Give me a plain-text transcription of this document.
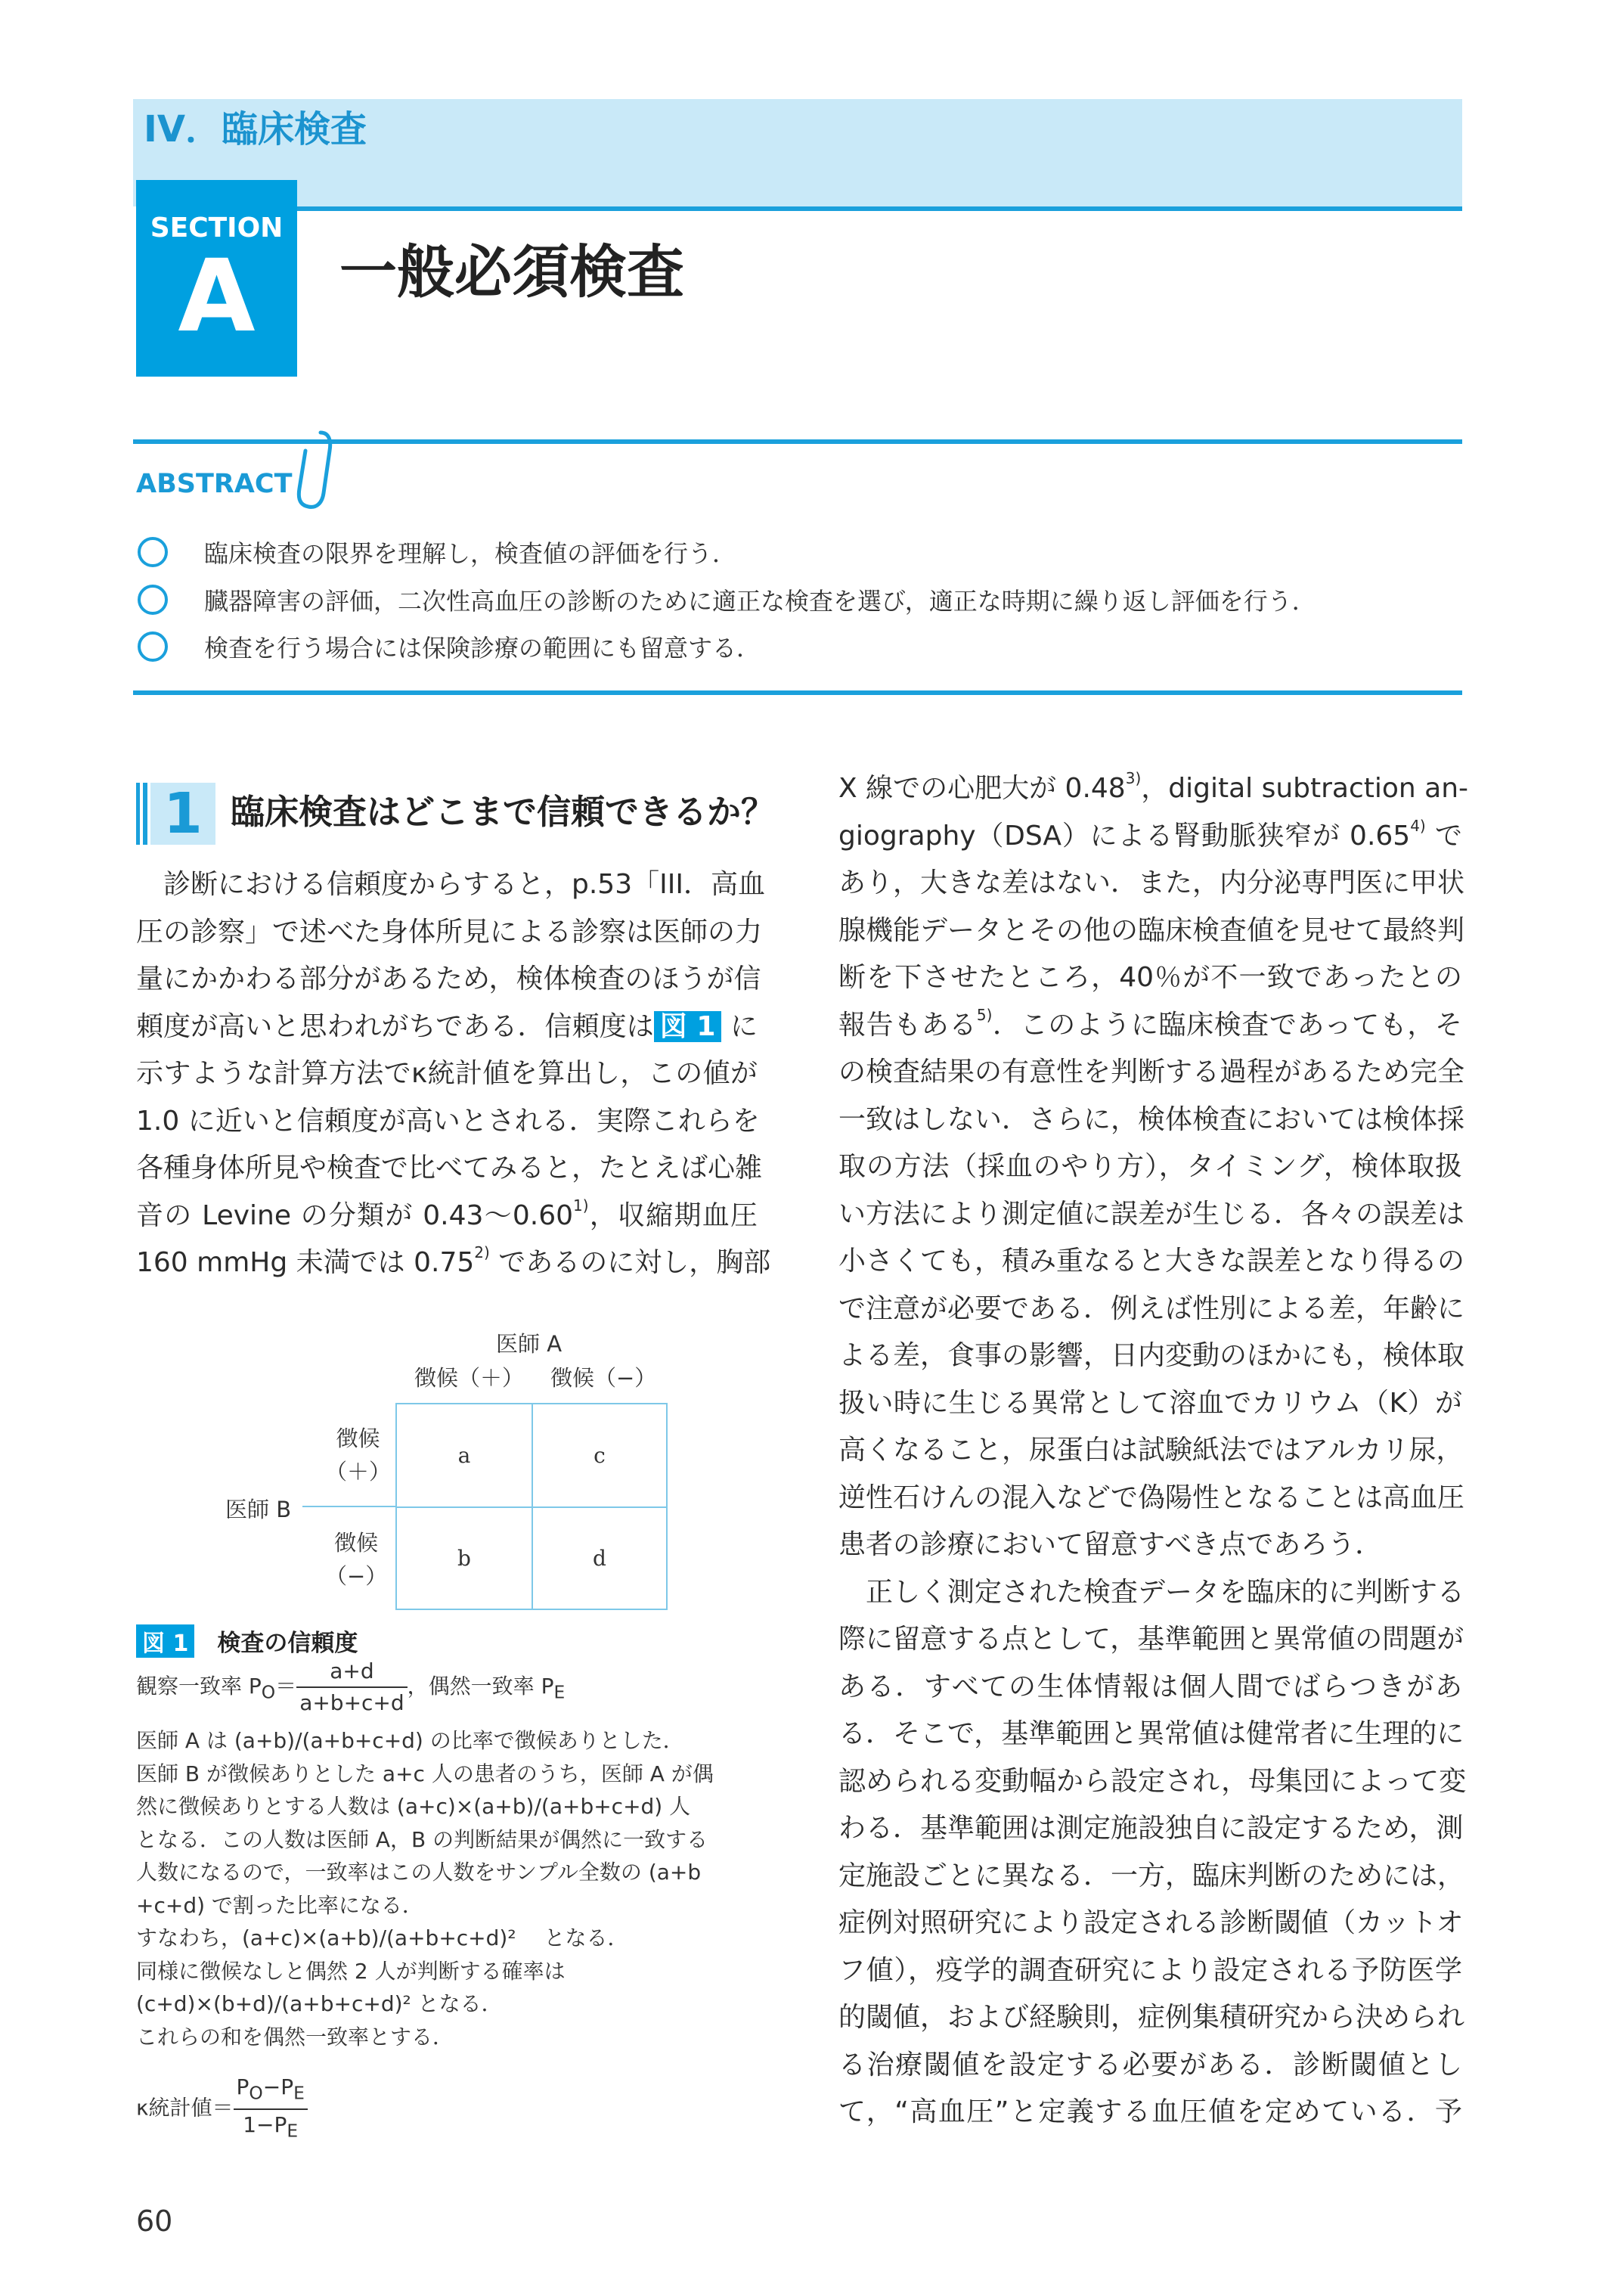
IV．臨床検査
SECTION
A	一般必須検査
ABSTRACT
臨床検査の限界を理解し，検査値の評価を行う．
臓器障害の評価，二次性高血圧の診断のために適正な検査を選び，適正な時期に繰り返し評価を行う．
検査を行う場合には保険診療の範囲にも留意する．
1 臨床検査はどこまで信頼できるか？
　診断における信頼度からすると，p.53「III．高血
圧の診察」で述べた身体所見による診察は医師の力
量にかかわる部分があるため，検体検査のほうが信
頼度が高いと思われがちである．信頼度は 図 1 に
示すような計算方法でκ統計値を算出し，この値が
1.0 に近いと信頼度が高いとされる．実際これらを
各種身体所見や検査で比べてみると，たとえば心雑
音の Levine の分類が 0.43〜0.60$^{1)}$，収縮期血圧
160 mmHg 未満では 0.75$^{2)}$ であるのに対し，胸部
X 線での心肥大が 0.48$^{3)}$，digital subtraction an-
giography（DSA）による腎動脈狭窄が 0.65$^{4)}$ で
あり，大きな差はない．また，内分泌専門医に甲状
腺機能データとその他の臨床検査値を見せて最終判
断を下させたところ，40％が不一致であったとの
報告もある$^{5)}$．このように臨床検査であっても，そ
の検査結果の有意性を判断する過程があるため完全
一致はしない．さらに，検体検査においては検体採
取の方法（採血のやり方），タイミング，検体取扱
い方法により測定値に誤差が生じる．各々の誤差は
小さくても，積み重なると大きな誤差となり得るの
で注意が必要である．例えば性別による差，年齢に
よる差，食事の影響，日内変動のほかにも，検体取
扱い時に生じる異常として溶血でカリウム（K）が
高くなること，尿蛋白は試験紙法ではアルカリ尿，
逆性石けんの混入などで偽陽性となることは高血圧
患者の診療において留意すべき点であろう．
　正しく測定された検査データを臨床的に判断する
際に留意する点として，基準範囲と異常値の問題が
ある．すべての生体情報は個人間でばらつきがあ
る．そこで，基準範囲と異常値は健常者に生理的に
認められる変動幅から設定され，母集団によって変
わる．基準範囲は測定施設独自に設定するため，測
定施設ごとに異なる．一方，臨床判断のためには，
症例対照研究により設定される診断閾値（カットオ
フ値），疫学的調査研究により設定される予防医学
的閾値，および経験則，症例集積研究から決められ
る治療閾値を設定する必要がある．診断閾値とし
て，“高血圧”と定義する血圧値を定めている．予
医師 A
徴候（＋） 徴候（−）
徴候
（＋）
徴候
（−）
医師 B
a	c
b	d
図 1 検査の信頼度
観察一致率 $P_O= \frac{a+d}{a+b+c+d}$ ，偶然一致率 $P_E$
医師 A は (a+b)/(a+b+c+d) の比率で徴候ありとした．
医師 B が徴候ありとした a+c 人の患者のうち，医師 A が偶
然に徴候ありとする人数は (a+c)×(a+b)/(a+b+c+d) 人
となる．この人数は医師 A，B の判断結果が偶然に一致する
人数になるので，一致率はこの人数をサンプル全数の (a+b
+c+d) で割った比率になる．
すなわち，(a+c)×(a+b)/(a+b+c+d)² 　となる．
同様に徴候なしと偶然 2 人が判断する確率は
(c+d)×(b+d)/(a+b+c+d)² となる．
これらの和を偶然一致率とする．
κ統計値＝ $\frac{P_O-P_E}{1-P_E}$
60
